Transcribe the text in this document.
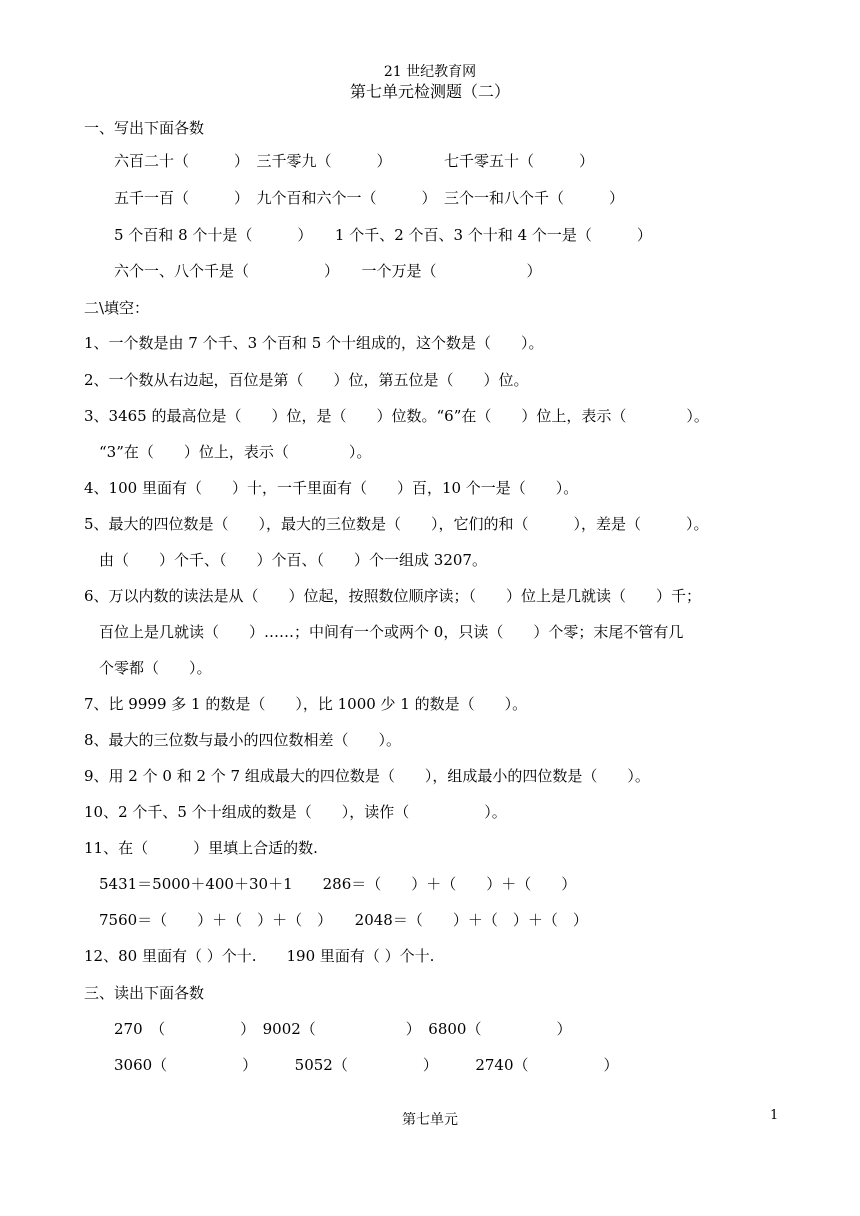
21 世纪教育网
第七单元检测题（二）
一、写出下面各数
六百二十（　　　）　三千零九（　　　）　　　　七千零五十（　　　）
五千一百（　　　）　九个百和六个一（　　　）　三个一和八个千（　　　）
5 个百和 8 个十是（　　　）　　1 个千、2 个百、3 个十和 4 个一是（　　　）
六个一、八个千是（　　　　　）　　一个万是（　　　　　　）
二\填空：
1、一个数是由 7 个千、3 个百和 5 个十组成的，这个数是（　　）。
2、一个数从右边起，百位是第（　　）位，第五位是（　　）位。
3、3465 的最高位是（　　）位，是（　　）位数。“6”在（　　）位上，表示（　　　　）。
　“3”在（　　）位上，表示（　　　　）。
4、100 里面有（　　）十，一千里面有（　　）百，10 个一是（　　）。
5、最大的四位数是（　　），最大的三位数是（　　），它们的和（　　　），差是（　　　）。
　由（　　）个千、（　　）个百、（　　）个一组成 3207。
6、万以内数的读法是从（　　）位起，按照数位顺序读；（　　）位上是几就读（　　）千；
　百位上是几就读（　　）……；中间有一个或两个 0，只读（　　）个零；末尾不管有几
　个零都（　　）。
7、比 9999 多 1 的数是（　　），比 1000 少 1 的数是（　　）。
8、最大的三位数与最小的四位数相差（　　）。
9、用 2 个 0 和 2 个 7 组成最大的四位数是（　　），组成最小的四位数是（　　）。
10、2 个千、5 个十组成的数是（　　），读作（　　　　　）。
11、在（　　　）里填上合适的数.
　5431＝5000＋400＋30＋1　　286＝（　　）＋（　　）＋（　　）
　7560＝（　　）＋（　）＋（　）　　2048＝（　　）＋（　）＋（　）
12、80 里面有（ ）个十.　　190 里面有（ ）个十.
三、读出下面各数
270　（　　　　　）　9002（　　　　　　）　6800（　　　　　）
3060（　　　　　）　　　5052（　　　　　）　　　2740（　　　　　）
第七单元	1
